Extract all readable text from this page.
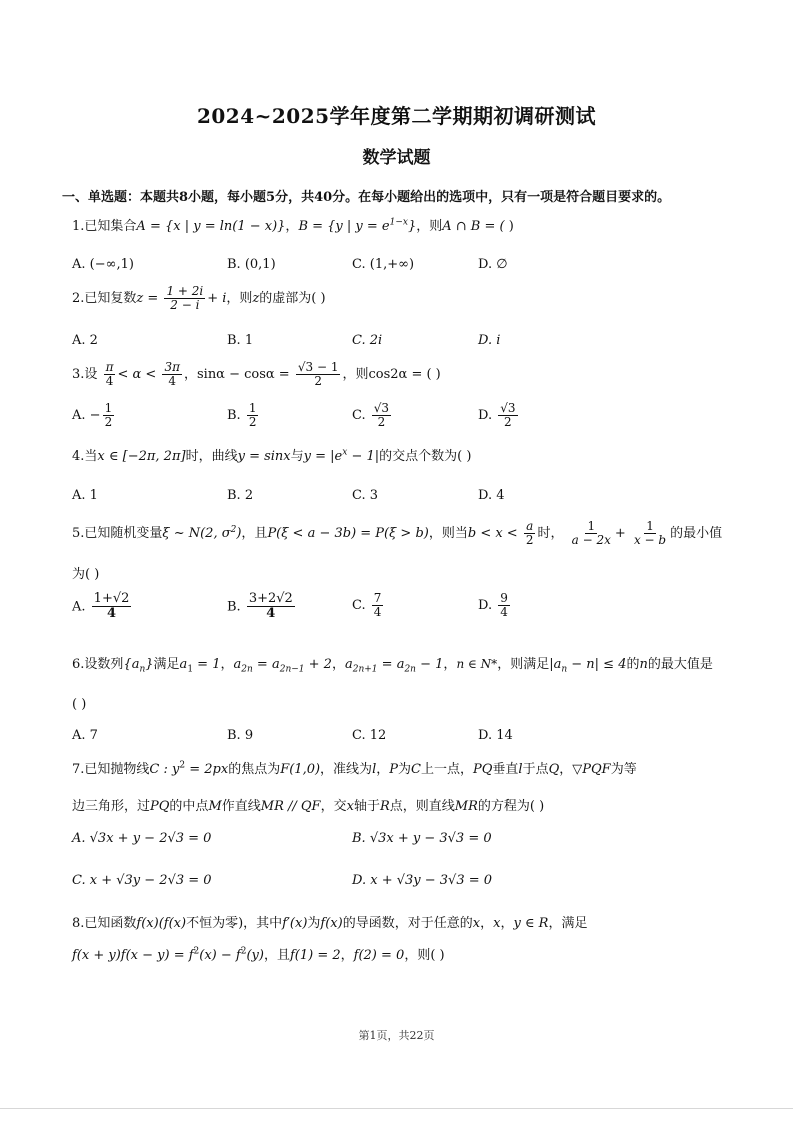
2024~2025学年度第二学期期初调研测试
数学试题
一、单选题：本题共8小题，每小题5分，共40分。在每小题给出的选项中，只有一项是符合题目要求的。
1.已知集合A = {x | y = ln(1 − x)}，B = {y | $y = e^{1-x}$}，则A ∩ B = ( )
A. (−∞,1)	B. (0,1)	C. (1,+∞)	D. ∅
2.已知复数$z = \frac{1 + 2i}{2 - i} + i$，则z的虚部为( )
A. 2	B. 1	C. 2i	D. i
3.设 $\frac{\pi}{4} < \alpha < \frac{3\pi}{4}$ ，$\sin\alpha - \cos\alpha = \frac{√3 - 1}{2}$ ，则cos2α = ( )
A. − $\frac{1}{2}$	B. $\frac{1}{2}$	C. $\frac{√3}{2}$	D. $\frac{√3}{2}$
4.当x ∈ [−2π, 2π]时，曲线y = sinx与$y = |e^x - 1|$的交点个数为( )
A. 1	B. 2	C. 3	D. 4
5.已知随机变量ξ ~ N(2, $\sigma^2$)，且P(ξ < a − 3b) = P(ξ > b)，则当$b < x < \frac{a}{2}$ 时， $\frac{1}{a - 2x} + \frac{1}{x - b}$ 的最小值
为( )
A. $\frac{1+√2}{4}$	B. $\frac{3+2√2}{4}$	C. $\frac{7}{4}$	D. $\frac{9}{4}$
6.设数列$\{a_n\}$满足$a_1 = 1$，$a_{2n} = a_{2n-1} + 2$，$a_{2n+1} = a_{2n} - 1$，n ∈ N*，则满足$|a_n - n| \le 4$的n的最大值是
( )
A. 7	B. 9	C. 12	D. 14
7.已知抛物线C : $y^2 = 2px$的焦点为F(1,0)，准线为l，P为C上一点，PQ垂直l于点Q，▽PQF为等
边三角形，过PQ的中点M作直线MR // QF，交x轴于R点，则直线MR的方程为( )
A. √3x + y − 2√3 = 0	B. √3x + y − 3√3 = 0
C. x + √3y − 2√3 = 0	D. x + √3y − 3√3 = 0
8.已知函数f(x)(f(x)不恒为零)，其中f′(x)为f(x)的导函数，对于任意的x，x，y ∈ R，满足
$f(x + y)f(x - y) = f^2(x) - f^2(y)$，且f(1) = 2，f(2) = 0，则( )
第1页，共22页
